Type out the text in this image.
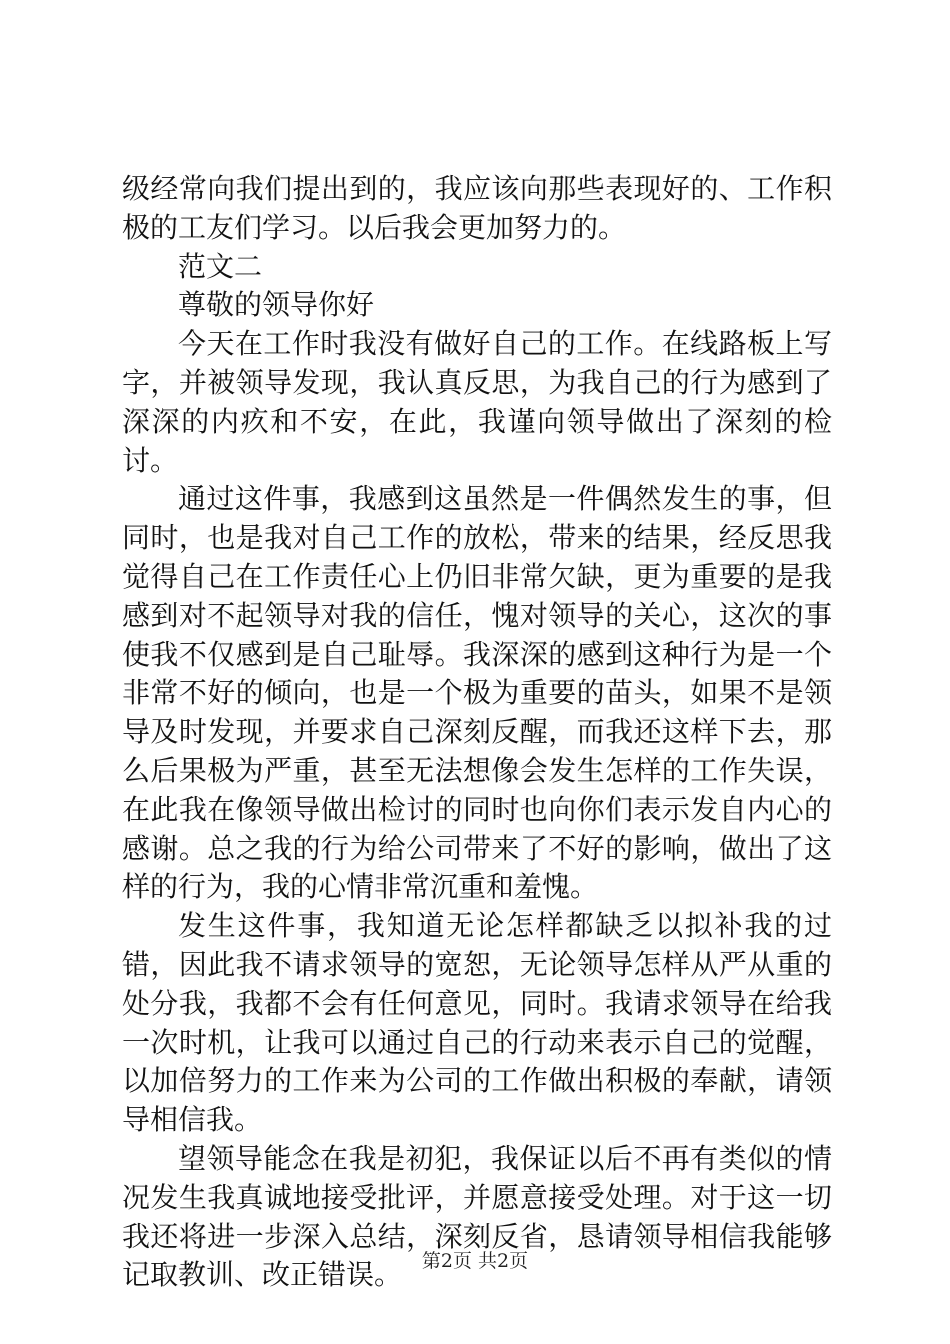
级经常向我们提出到的，我应该向那些表现好的、工作积极的工友们学习。以后我会更加努力的。

范文二

尊敬的领导你好

今天在工作时我没有做好自己的工作。在线路板上写字，并被领导发现，我认真反思，为我自己的行为感到了深深的内疚和不安，在此，我谨向领导做出了深刻的检讨。

通过这件事，我感到这虽然是一件偶然发生的事，但同时，也是我对自己工作的放松，带来的结果，经反思我觉得自己在工作责任心上仍旧非常欠缺，更为重要的是我感到对不起领导对我的信任，愧对领导的关心，这次的事使我不仅感到是自己耻辱。我深深的感到这种行为是一个非常不好的倾向，也是一个极为重要的苗头，如果不是领导及时发现，并要求自己深刻反醒，而我还这样下去，那么后果极为严重，甚至无法想像会发生怎样的工作失误，在此我在像领导做出检讨的同时也向你们表示发自内心的感谢。总之我的行为给公司带来了不好的影响，做出了这样的行为，我的心情非常沉重和羞愧。

发生这件事，我知道无论怎样都缺乏以拟补我的过错，因此我不请求领导的宽恕，无论领导怎样从严从重的处分我，我都不会有任何意见，同时。我请求领导在给我一次时机，让我可以通过自己的行动来表示自己的觉醒，以加倍努力的工作来为公司的工作做出积极的奉献，请领导相信我。

望领导能念在我是初犯，我保证以后不再有类似的情况发生我真诚地接受批评，并愿意接受处理。对于这一切我还将进一步深入总结，深刻反省，恳请领导相信我能够记取教训、改正错误。	第2页 共2页
